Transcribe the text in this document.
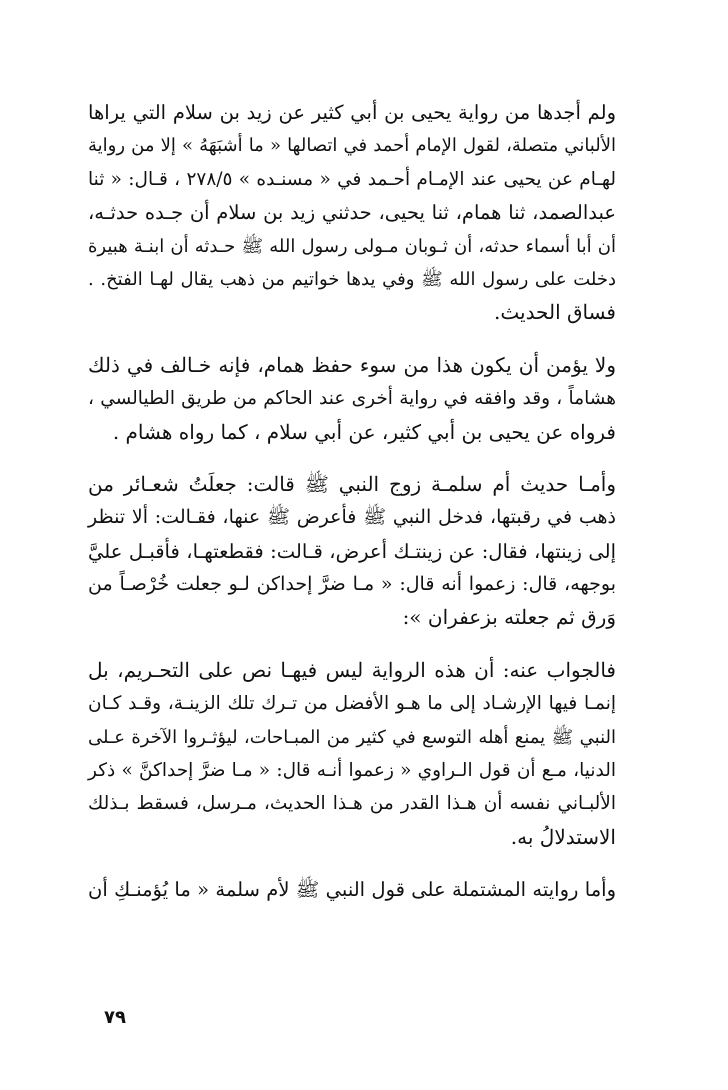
ولم أجدها من رواية يحيى بن أبي كثير عن زيد بن سلام التي يراها
الألباني متصلة، لقول الإمام أحمد في اتصالها « ما أشبَهَهُ » إلا من رواية
لهـام عن يحيى عند الإمـام أحـمد في « مسنـده » ٢٧٨/٥ ، قـال: « ثنا
عبدالصمد، ثنا همام، ثنا يحيى، حدثني زيد بن سلام أن جـده حدثـه،
أن أبا أسماء حدثه، أن ثـوبان مـولى رسول الله ﷺ حـدثه أن ابنـة هبيرة
دخلت على رسول الله ﷺ وفي يدها خواتيم من ذهب يقال لهـا الفتخ. .
فساق الحديث.
ولا يؤمن أن يكون هذا من سوء حفظ همام، فإنه خـالف في ذلك
هشاماً ، وقد وافقه في رواية أخرى عند الحاكم من طريق الطيالسي ،
فرواه عن يحيى بن أبي كثير، عن أبي سلام ، كما رواه هشام .
وأمـا حديث أم سلمـة زوج النبي ﷺ قالت: جعلَتُ شعـائر من
ذهب في رقبتها، فدخل النبي ﷺ فأعرض ﷺ عنها، فقـالت: ألا تنظر
إلى زينتها، فقال: عن زينتـك أعرض، قـالت: فقطعتهـا، فأقبـل عليَّ
بوجهه، قال: زعموا أنه قال: « مـا ضرَّ إحداكن لـو جعلت خُرْصـاً من
وَرق ثم جعلته بزعفران »:
فالجواب عنه: أن هذه الرواية ليس فيهـا نص على التحـريم، بل
إنمـا فيها الإرشـاد إلى ما هـو الأفضل من تـرك تلك الزينـة، وقـد كـان
النبي ﷺ يمنع أهله التوسع في كثير من المبـاحات، ليؤثـروا الآخرة عـلى
الدنيا، مـع أن قول الـراوي « زعموا أنـه قال: « مـا ضرَّ إحداكنَّ » ذكر
الألبـاني نفسه أن هـذا القدر من هـذا الحديث، مـرسل، فسقط بـذلك
الاستدلالُ به.
وأما روايته المشتملة على قول النبي ﷺ لأم سلمة « ما يُؤمنـكِ أن
٧٩
